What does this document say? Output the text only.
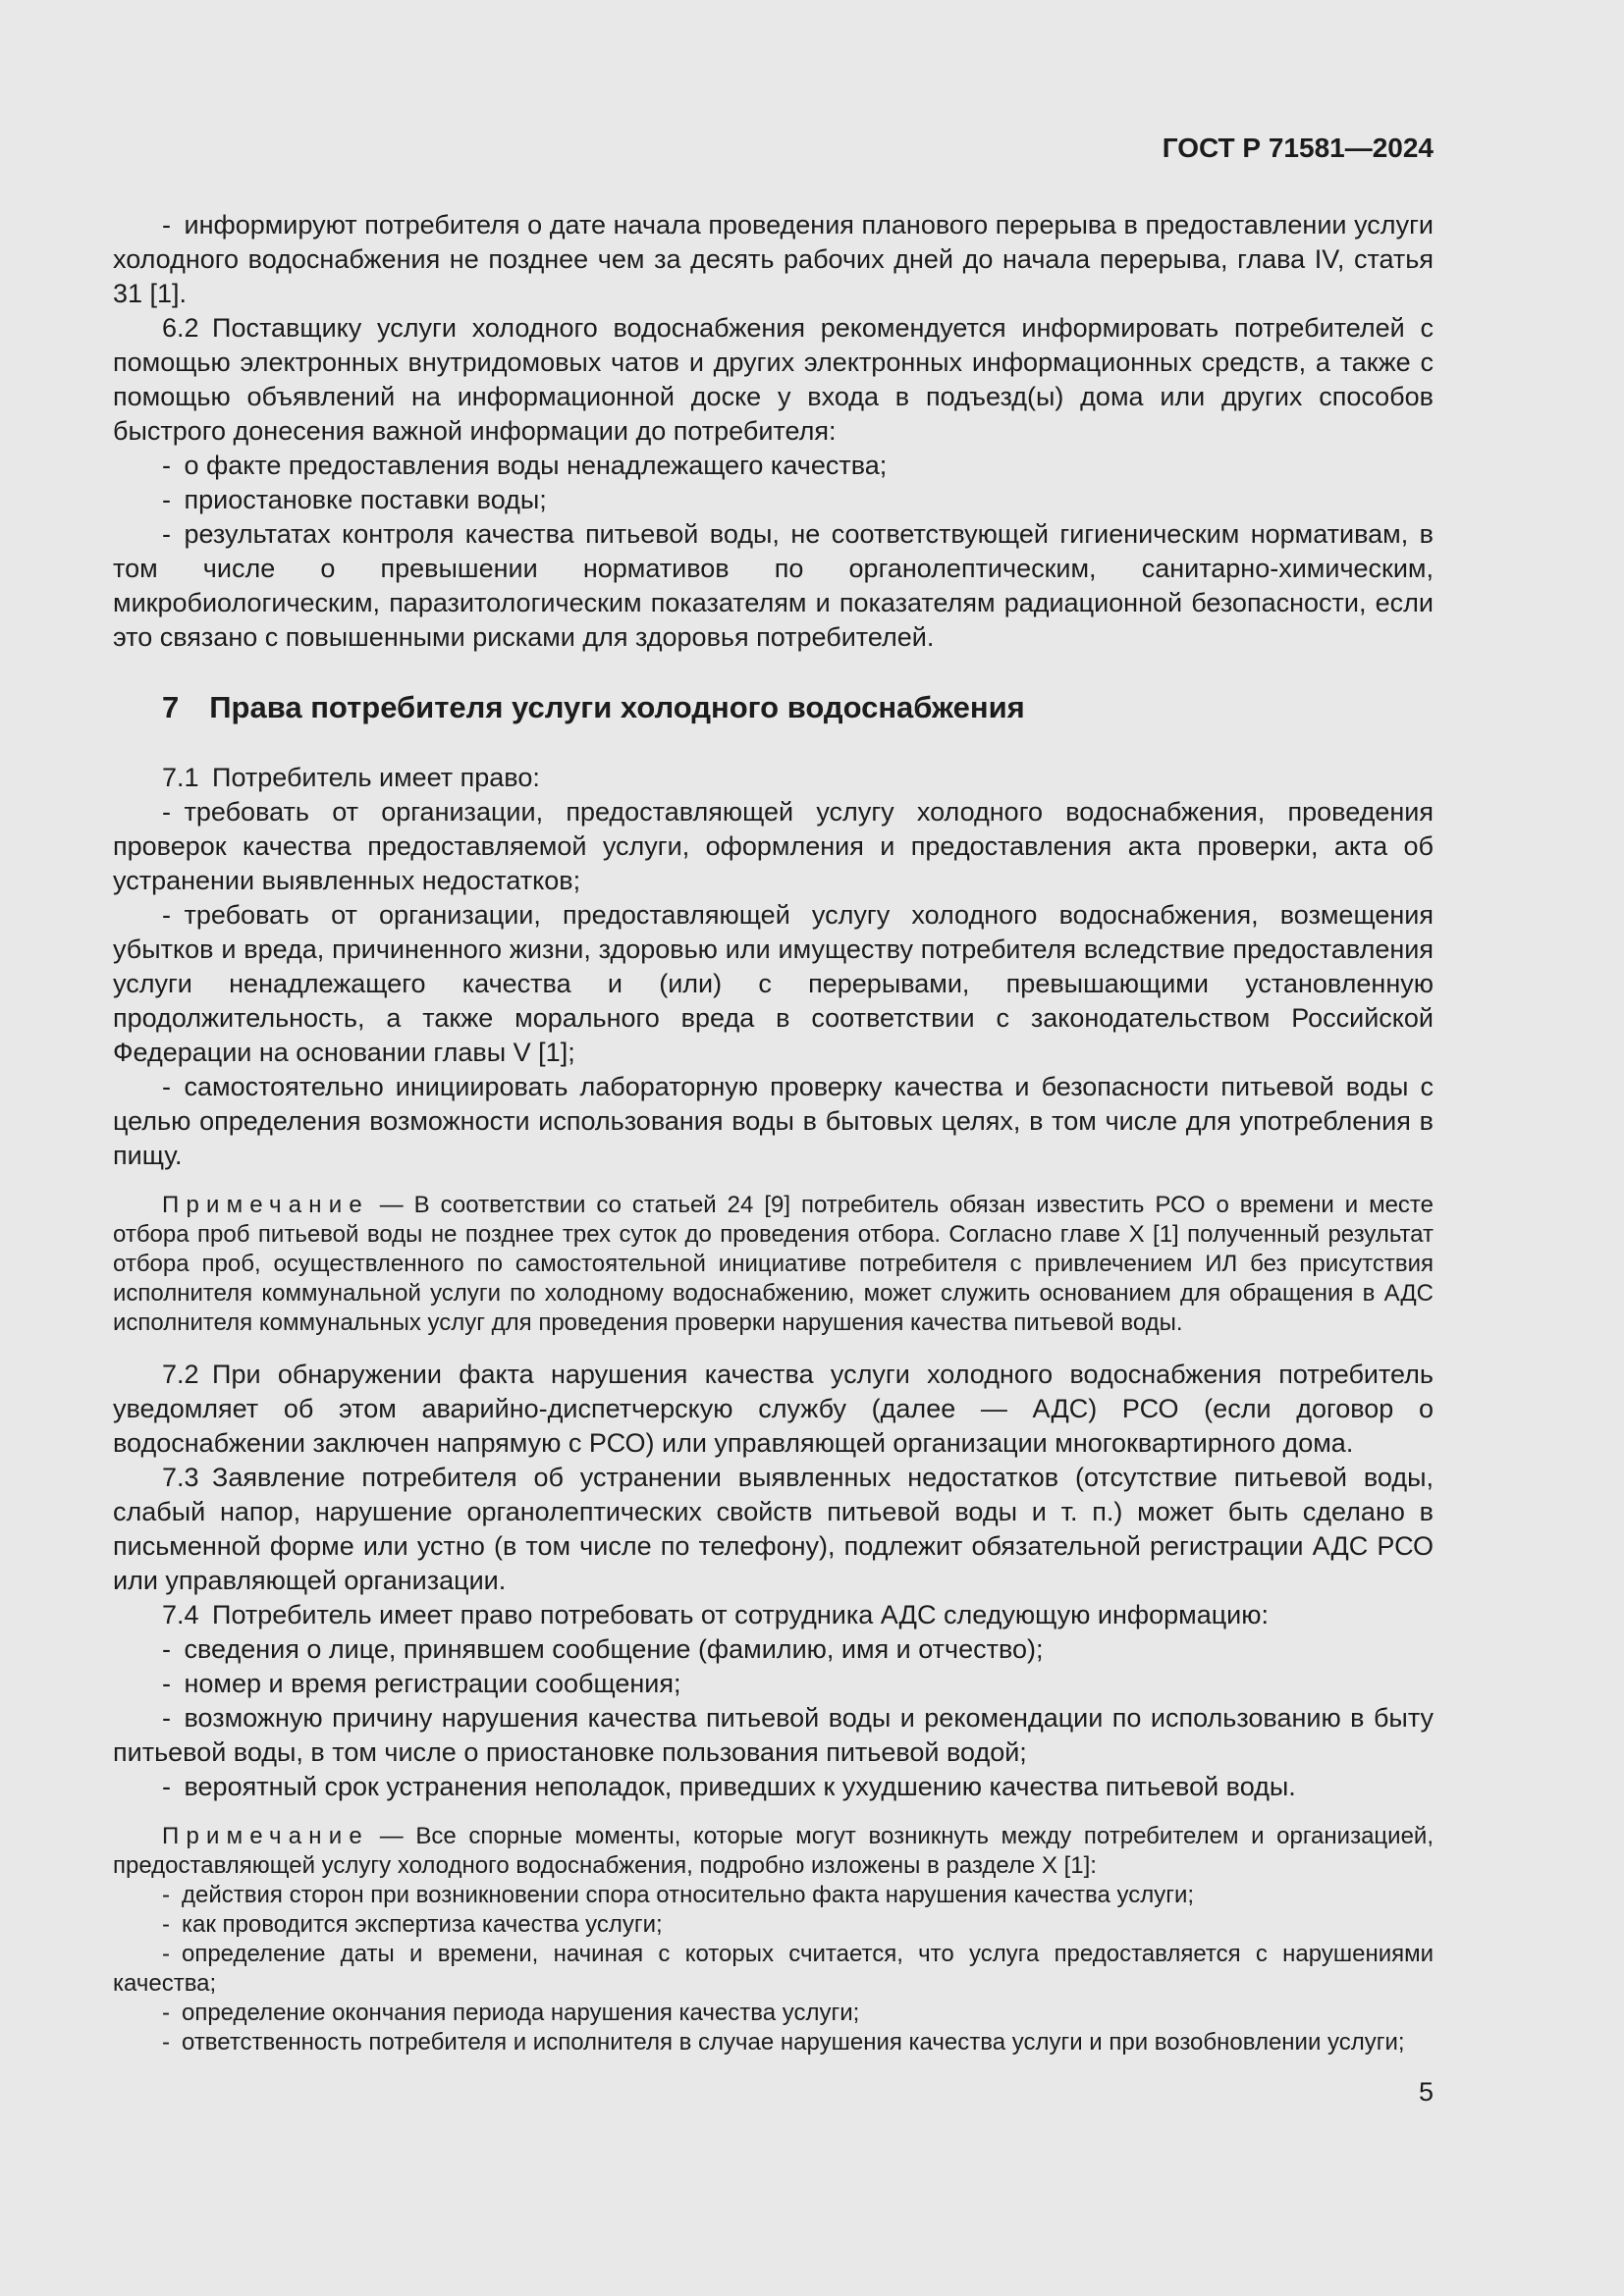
ГОСТ Р 71581—2024

- информируют потребителя о дате начала проведения планового перерыва в предоставлении услуги холодного водоснабжения не позднее чем за десять рабочих дней до начала перерыва, глава IV, статья 31 [1].

6.2 Поставщику услуги холодного водоснабжения рекомендуется информировать потребителей с помощью электронных внутридомовых чатов и других электронных информационных средств, а также с помощью объявлений на информационной доске у входа в подъезд(ы) дома или других способов быстрого донесения важной информации до потребителя:

- о факте предоставления воды ненадлежащего качества;

- приостановке поставки воды;

- результатах контроля качества питьевой воды, не соответствующей гигиеническим нормативам, в том числе о превышении нормативов по органолептическим, санитарно-химическим, микробиологическим, паразитологическим показателям и показателям радиационной безопасности, если это связано с повышенными рисками для здоровья потребителей.

7 Права потребителя услуги холодного водоснабжения

7.1 Потребитель имеет право:

- требовать от организации, предоставляющей услугу холодного водоснабжения, проведения проверок качества предоставляемой услуги, оформления и предоставления акта проверки, акта об устранении выявленных недостатков;

- требовать от организации, предоставляющей услугу холодного водоснабжения, возмещения убытков и вреда, причиненного жизни, здоровью или имуществу потребителя вследствие предоставления услуги ненадлежащего качества и (или) с перерывами, превышающими установленную продолжительность, а также морального вреда в соответствии с законодательством Российской Федерации на основании главы V [1];

- самостоятельно инициировать лабораторную проверку качества и безопасности питьевой воды с целью определения возможности использования воды в бытовых целях, в том числе для употребления в пищу.

Примечание — В соответствии со статьей 24 [9] потребитель обязан известить РСО о времени и месте отбора проб питьевой воды не позднее трех суток до проведения отбора. Согласно главе X [1] полученный результат отбора проб, осуществленного по самостоятельной инициативе потребителя с привлечением ИЛ без присутствия исполнителя коммунальной услуги по холодному водоснабжению, может служить основанием для обращения в АДС исполнителя коммунальных услуг для проведения проверки нарушения качества питьевой воды.

7.2 При обнаружении факта нарушения качества услуги холодного водоснабжения потребитель уведомляет об этом аварийно-диспетчерскую службу (далее — АДС) РСО (если договор о водоснабжении заключен напрямую с РСО) или управляющей организации многоквартирного дома.

7.3 Заявление потребителя об устранении выявленных недостатков (отсутствие питьевой воды, слабый напор, нарушение органолептических свойств питьевой воды и т. п.) может быть сделано в письменной форме или устно (в том числе по телефону), подлежит обязательной регистрации АДС РСО или управляющей организации.

7.4 Потребитель имеет право потребовать от сотрудника АДС следующую информацию:

- сведения о лице, принявшем сообщение (фамилию, имя и отчество);

- номер и время регистрации сообщения;

- возможную причину нарушения качества питьевой воды и рекомендации по использованию в быту питьевой воды, в том числе о приостановке пользования питьевой водой;

- вероятный срок устранения неполадок, приведших к ухудшению качества питьевой воды.

Примечание — Все спорные моменты, которые могут возникнуть между потребителем и организацией, предоставляющей услугу холодного водоснабжения, подробно изложены в разделе X [1]:

- действия сторон при возникновении спора относительно факта нарушения качества услуги;

- как проводится экспертиза качества услуги;

- определение даты и времени, начиная с которых считается, что услуга предоставляется с нарушениями качества;

- определение окончания периода нарушения качества услуги;

- ответственность потребителя и исполнителя в случае нарушения качества услуги и при возобновлении услуги;

5
